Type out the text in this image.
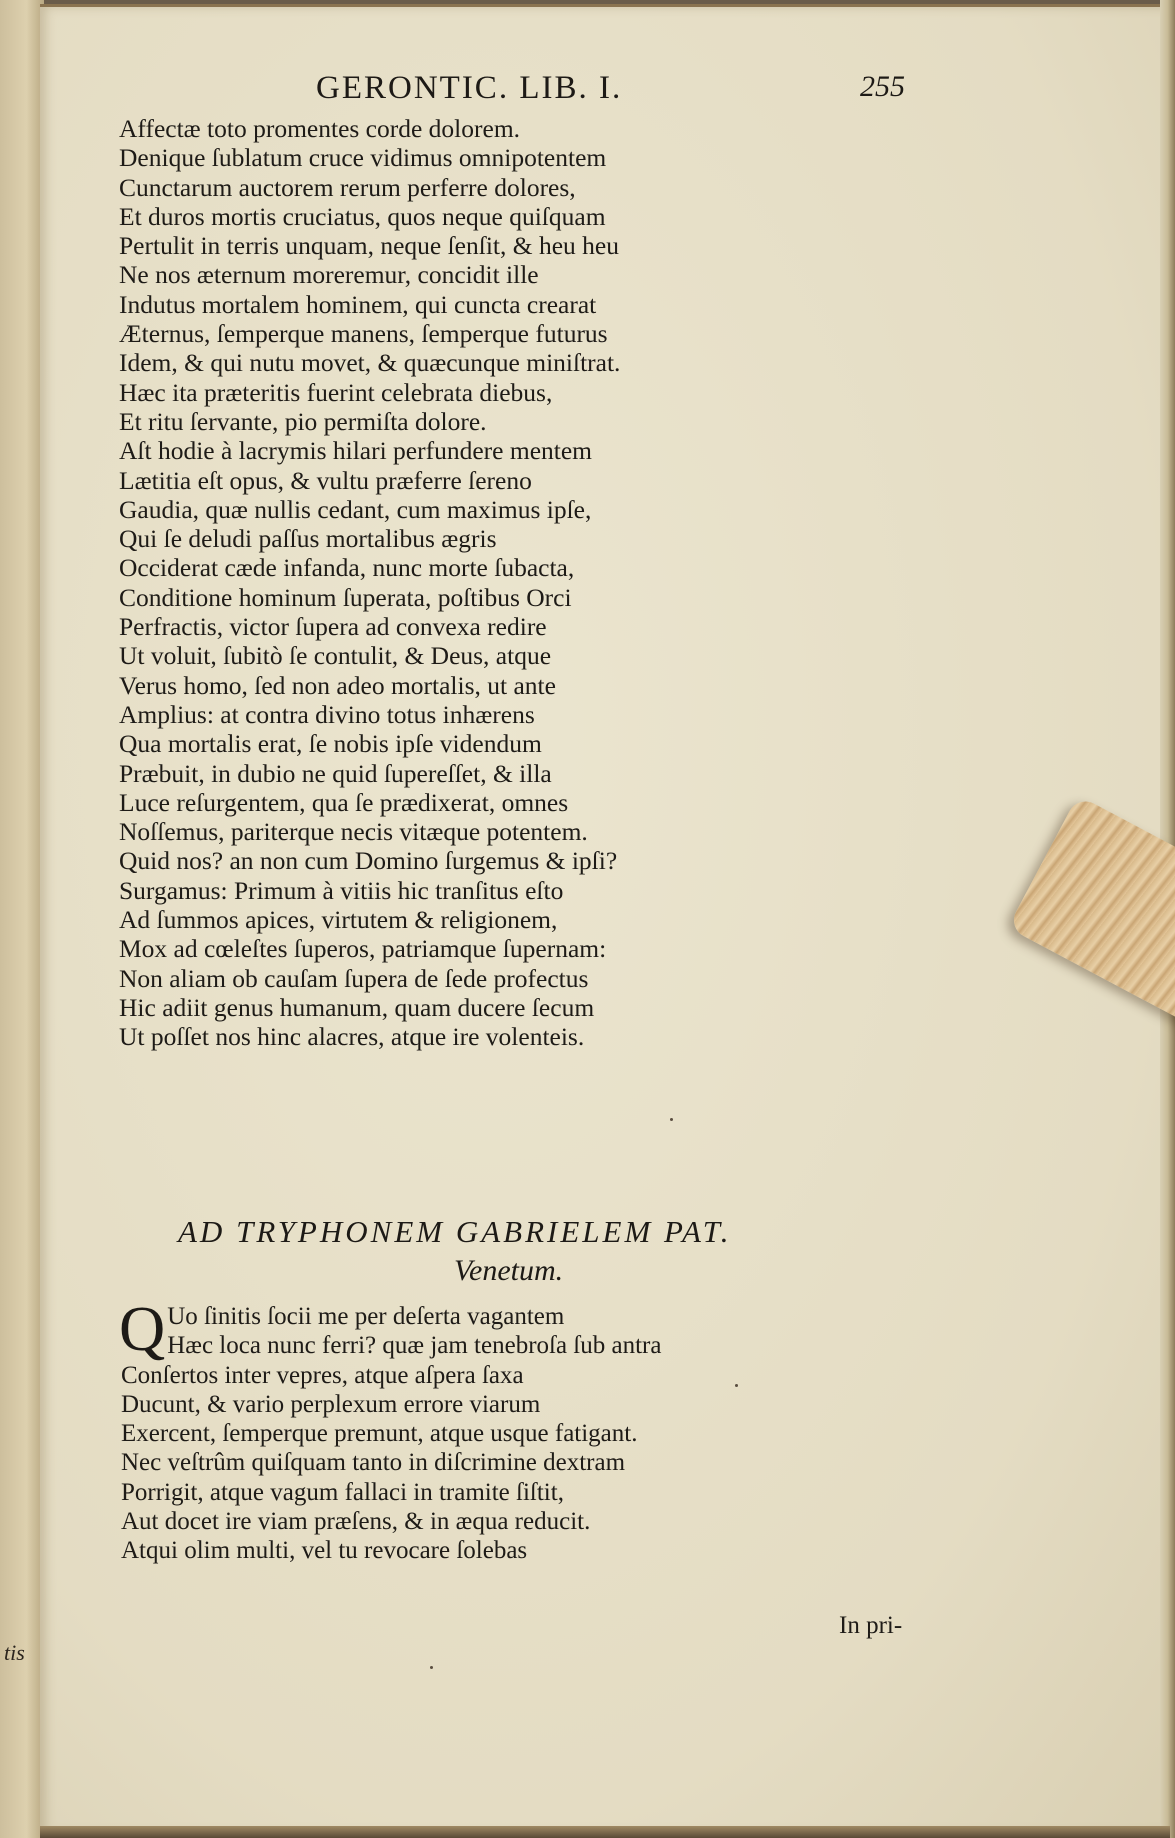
GERONTIC. LIB. I.	255
Affectæ toto promentes corde dolorem.
Denique ſublatum cruce vidimus omnipotentem
Cunctarum auctorem rerum perferre dolores,
Et duros mortis cruciatus, quos neque quiſquam
Pertulit in terris unquam, neque ſenſit, & heu heu
Ne nos æternum moreremur, concidit ille
Indutus mortalem hominem, qui cuncta crearat
Æternus, ſemperque manens, ſemperque futurus
Idem, & qui nutu movet, & quæcunque miniſtrat.
Hæc ita præteritis fuerint celebrata diebus,
Et ritu ſervante, pio permiſta dolore.
Aſt hodie à lacrymis hilari perfundere mentem
Lætitia eſt opus, & vultu præferre ſereno
Gaudia, quæ nullis cedant, cum maximus ipſe,
Qui ſe deludi paſſus mortalibus ægris
Occiderat cæde infanda, nunc morte ſubacta,
Conditione hominum ſuperata, poſtibus Orci
Perfractis, victor ſupera ad convexa redire
Ut voluit, ſubitò ſe contulit, & Deus, atque
Verus homo, ſed non adeo mortalis, ut ante
Amplius: at contra divino totus inhærens
Qua mortalis erat, ſe nobis ipſe videndum
Præbuit, in dubio ne quid ſupereſſet, & illa
Luce reſurgentem, qua ſe prædixerat, omnes
Noſſemus, pariterque necis vitæque potentem.
Quid nos? an non cum Domino ſurgemus & ipſi?
Surgamus: Primum à vitiis hic tranſitus eſto
Ad ſummos apices, virtutem & religionem,
Mox ad cœleſtes ſuperos, patriamque ſupernam:
Non aliam ob cauſam ſupera de ſede profectus
Hic adiit genus humanum, quam ducere ſecum
Ut poſſet nos hinc alacres, atque ire volenteis.
AD TRYPHONEM GABRIELEM PAT.
Venetum.
Q Uo ſinitis ſocii me per deſerta vagantem
Hæc loca nunc ferri? quæ jam tenebroſa ſub antra
Conſertos inter vepres, atque aſpera ſaxa
Ducunt, & vario perplexum errore viarum
Exercent, ſemperque premunt, atque usque fatigant.
Nec veſtrûm quiſquam tanto in diſcrimine dextram
Porrigit, atque vagum fallaci in tramite ſiſtit,
Aut docet ire viam præſens, & in æqua reducit.
Atqui olim multi, vel tu revocare ſolebas
In pri-
tis
